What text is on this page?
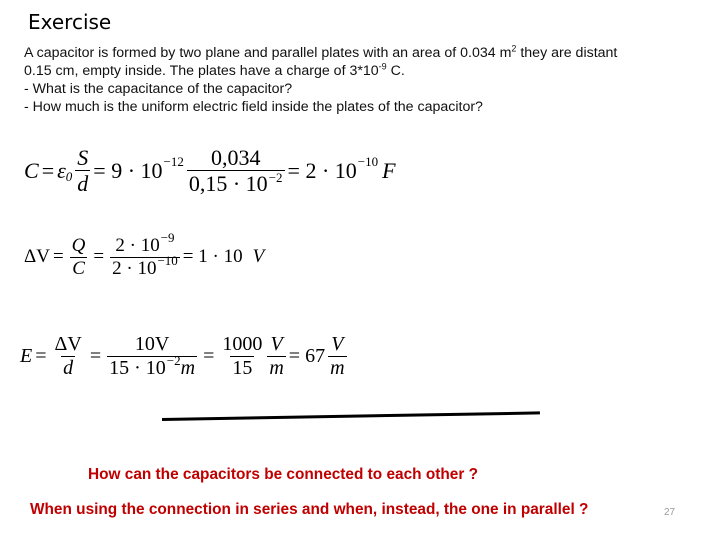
Exercise
A capacitor is formed by two plane and parallel plates with an area of 0.034 $m^2$ they are distant
0.15 cm, empty inside. The plates have a charge of $3*10^{-9}$ C.
- What is the capacitance of the capacitor?
- How much is the uniform electric field inside the plates of the capacitor?
C = ε $0 \frac{S}{d} = 9 \cdot 10 -12 \frac{0,034}{0,15 \cdot 10^{-2}} = 2 \cdot 10 -10$ F
$\Delta V = \frac{Q}{C} = \frac{2 \cdot 10^{-9}}{2 \cdot 10^{-10}} = 1 \cdot 10$ V
$E = \frac{\Delta V}{d} = \frac{10V}{15 \cdot 10^{-2}m} = \frac{1000}{15} \frac{V}{m} = 67 \frac{V}{m}$
How can the capacitors be connected to each other ?
When using the connection in series and when, instead, the one in parallel ?	27
